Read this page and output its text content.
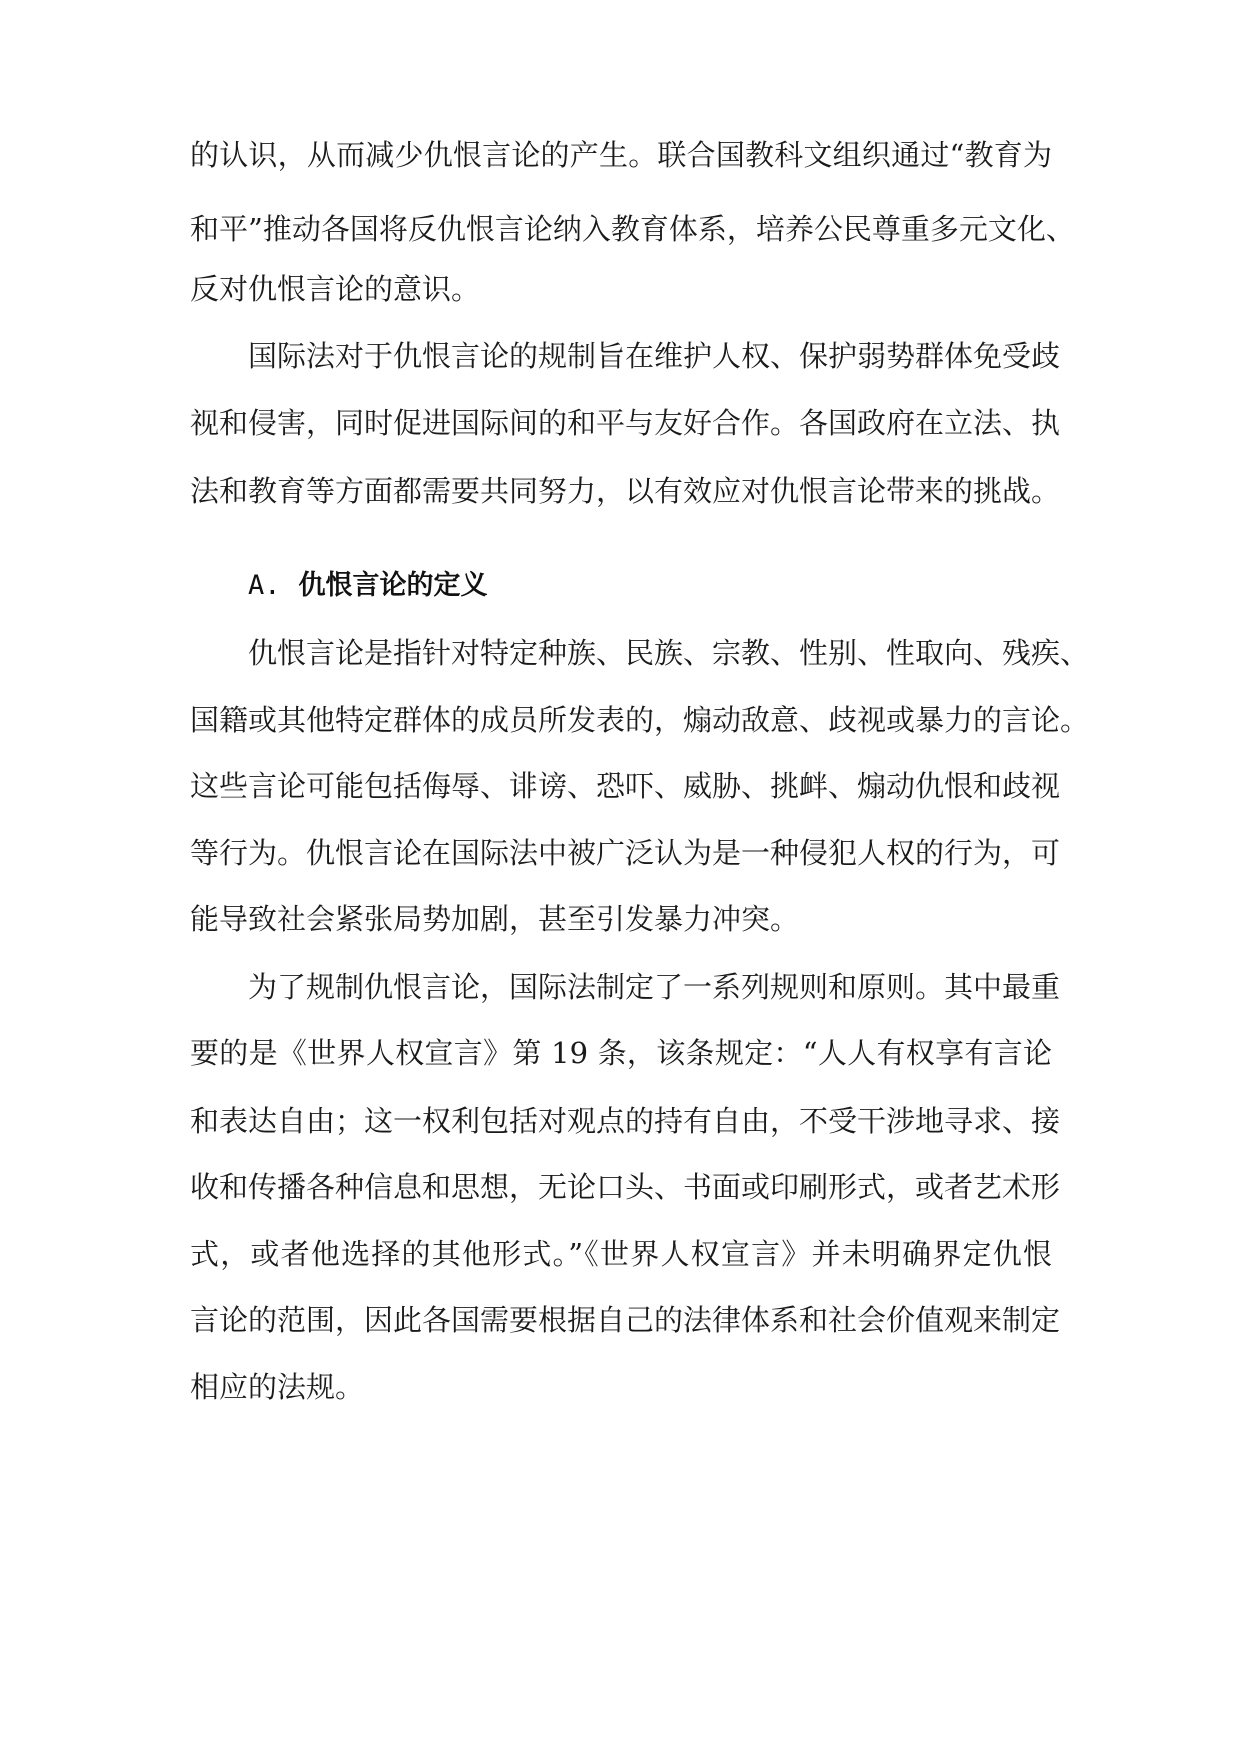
的认识，从而减少仇恨言论的产生。联合国教科文组织通过“教育为
和平”推动各国将反仇恨言论纳入教育体系，培养公民尊重多元文化、
反对仇恨言论的意识。
国际法对于仇恨言论的规制旨在维护人权、保护弱势群体免受歧
视和侵害，同时促进国际间的和平与友好合作。各国政府在立法、执
法和教育等方面都需要共同努力，以有效应对仇恨言论带来的挑战。
A. 仇恨言论的定义
仇恨言论是指针对特定种族、民族、宗教、性别、性取向、残疾、
国籍或其他特定群体的成员所发表的，煽动敌意、歧视或暴力的言论。
这些言论可能包括侮辱、诽谤、恐吓、威胁、挑衅、煽动仇恨和歧视
等行为。仇恨言论在国际法中被广泛认为是一种侵犯人权的行为，可
能导致社会紧张局势加剧，甚至引发暴力冲突。
为了规制仇恨言论，国际法制定了一系列规则和原则。其中最重
要的是《世界人权宣言》第 19 条，该条规定：“人人有权享有言论
和表达自由；这一权利包括对观点的持有自由，不受干涉地寻求、接
收和传播各种信息和思想，无论口头、书面或印刷形式，或者艺术形
式，或者他选择的其他形式。”《世界人权宣言》并未明确界定仇恨
言论的范围，因此各国需要根据自己的法律体系和社会价值观来制定
相应的法规。
